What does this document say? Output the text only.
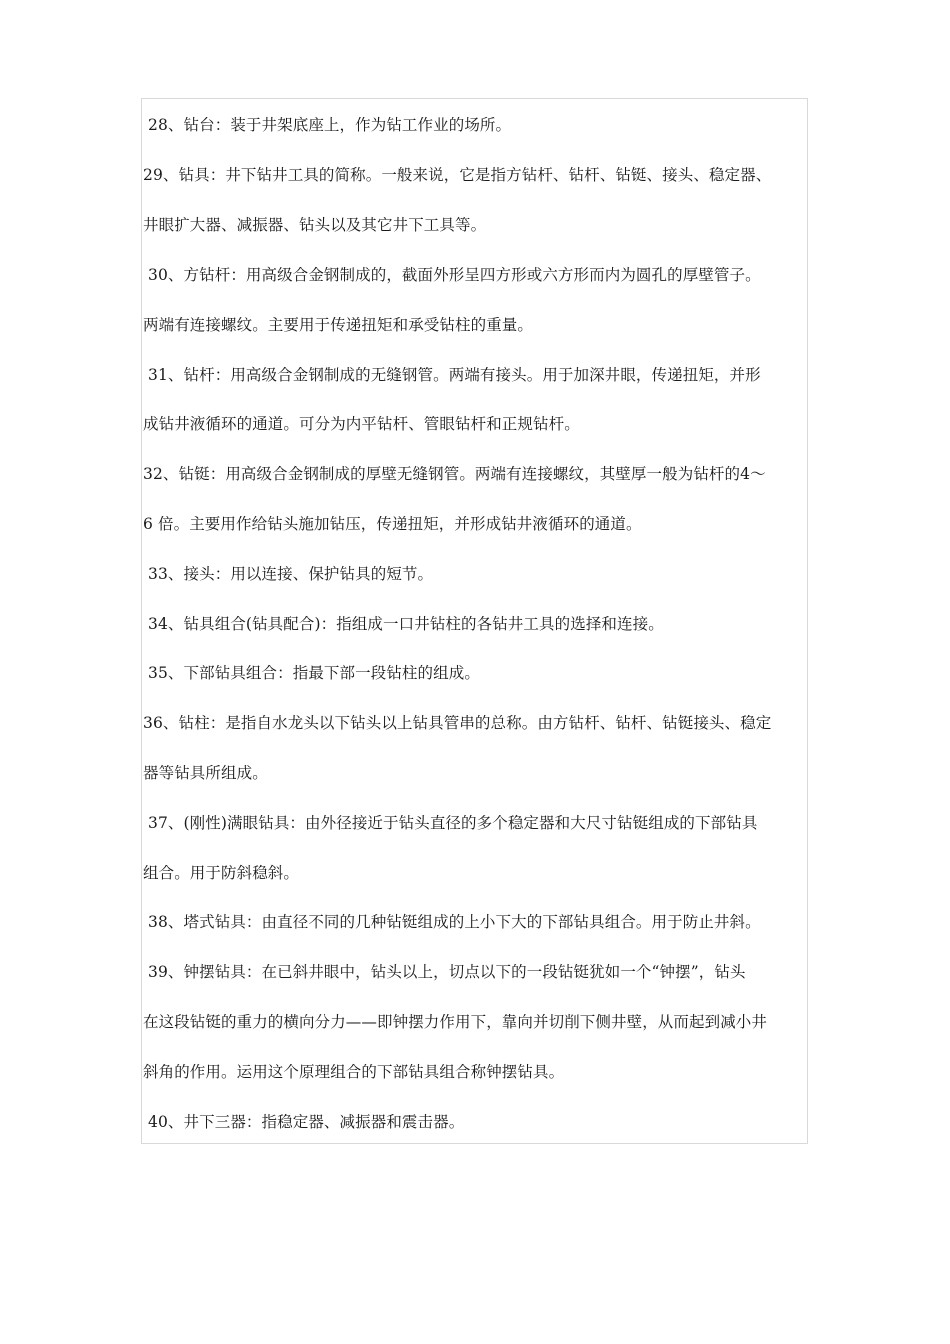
28、钻台：装于井架底座上，作为钻工作业的场所。
29、钻具：井下钻井工具的简称。一般来说，它是指方钻杆、钻杆、钻铤、接头、稳定器、
井眼扩大器、减振器、钻头以及其它井下工具等。
30、方钻杆：用高级合金钢制成的，截面外形呈四方形或六方形而内为圆孔的厚壁管子。
两端有连接螺纹。主要用于传递扭矩和承受钻柱的重量。
31、钻杆：用高级合金钢制成的无缝钢管。两端有接头。用于加深井眼，传递扭矩，并形
成钻井液循环的通道。可分为内平钻杆、管眼钻杆和正规钻杆。
32、钻铤：用高级合金钢制成的厚壁无缝钢管。两端有连接螺纹，其壁厚一般为钻杆的4～
6 倍。主要用作给钻头施加钻压，传递扭矩，并形成钻井液循环的通道。
33、接头：用以连接、保护钻具的短节。
34、钻具组合(钻具配合)：指组成一口井钻柱的各钻井工具的选择和连接。
35、下部钻具组合：指最下部一段钻柱的组成。
36、钻柱：是指自水龙头以下钻头以上钻具管串的总称。由方钻杆、钻杆、钻铤接头、稳定
器等钻具所组成。
37、(刚性)满眼钻具：由外径接近于钻头直径的多个稳定器和大尺寸钻铤组成的下部钻具
组合。用于防斜稳斜。
38、塔式钻具：由直径不同的几种钻铤组成的上小下大的下部钻具组合。用于防止井斜。
39、钟摆钻具：在已斜井眼中，钻头以上，切点以下的一段钻铤犹如一个“钟摆”，钻头
在这段钻铤的重力的横向分力——即钟摆力作用下，靠向并切削下侧井壁，从而起到减小井
斜角的作用。运用这个原理组合的下部钻具组合称钟摆钻具。
40、井下三器：指稳定器、减振器和震击器。
